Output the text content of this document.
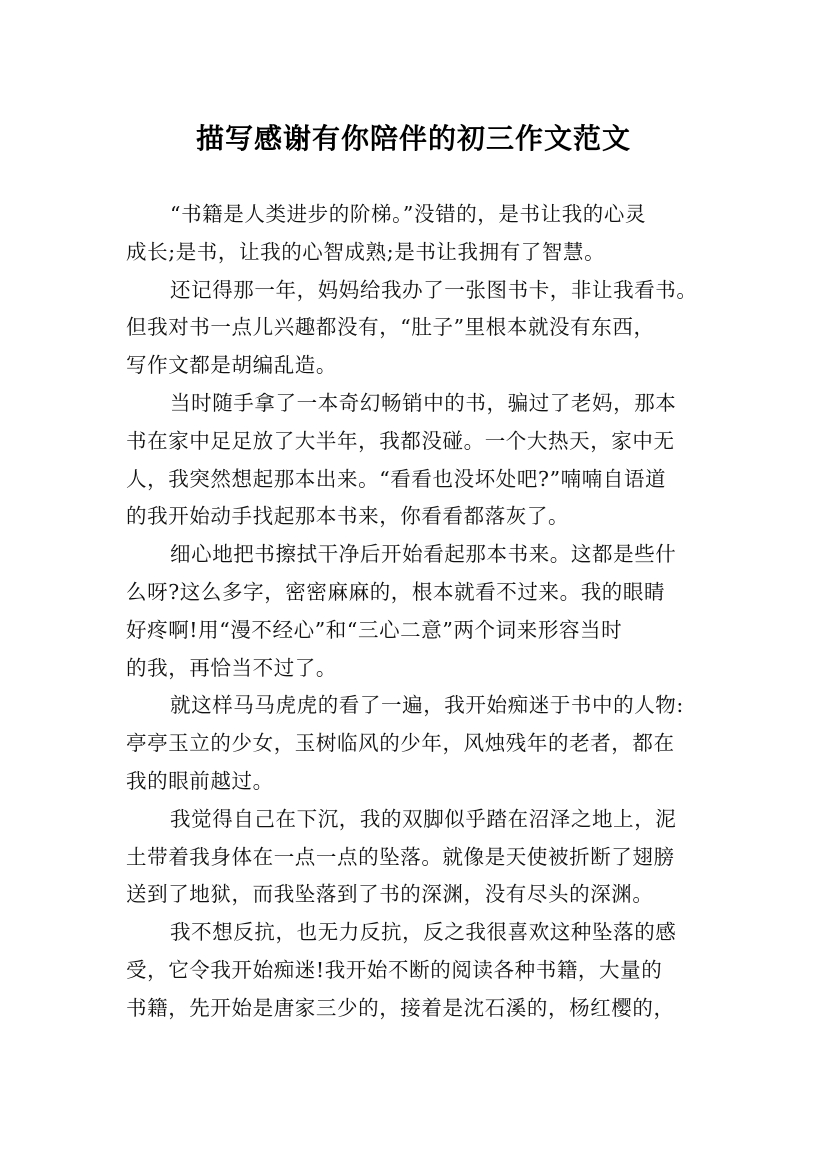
描写感谢有你陪伴的初三作文范文

“书籍是人类进步的阶梯。”没错的，是书让我的心灵
成长;是书，让我的心智成熟;是书让我拥有了智慧。

还记得那一年，妈妈给我办了一张图书卡，非让我看书。
但我对书一点儿兴趣都没有，“肚子”里根本就没有东西，
写作文都是胡编乱造。

当时随手拿了一本奇幻畅销中的书，骗过了老妈，那本
书在家中足足放了大半年，我都没碰。一个大热天，家中无
人，我突然想起那本出来。“看看也没坏处吧?”喃喃自语道
的我开始动手找起那本书来，你看看都落灰了。

细心地把书擦拭干净后开始看起那本书来。这都是些什
么呀?这么多字，密密麻麻的，根本就看不过来。我的眼睛
好疼啊!用“漫不经心”和“三心二意”两个词来形容当时
的我，再恰当不过了。

就这样马马虎虎的看了一遍，我开始痴迷于书中的人物:
亭亭玉立的少女，玉树临风的少年，风烛残年的老者，都在
我的眼前越过。

我觉得自己在下沉，我的双脚似乎踏在沼泽之地上，泥
土带着我身体在一点一点的坠落。就像是天使被折断了翅膀
送到了地狱，而我坠落到了书的深渊，没有尽头的深渊。

我不想反抗，也无力反抗，反之我很喜欢这种坠落的感
受，它令我开始痴迷!我开始不断的阅读各种书籍，大量的
书籍，先开始是唐家三少的，接着是沈石溪的，杨红樱的，
